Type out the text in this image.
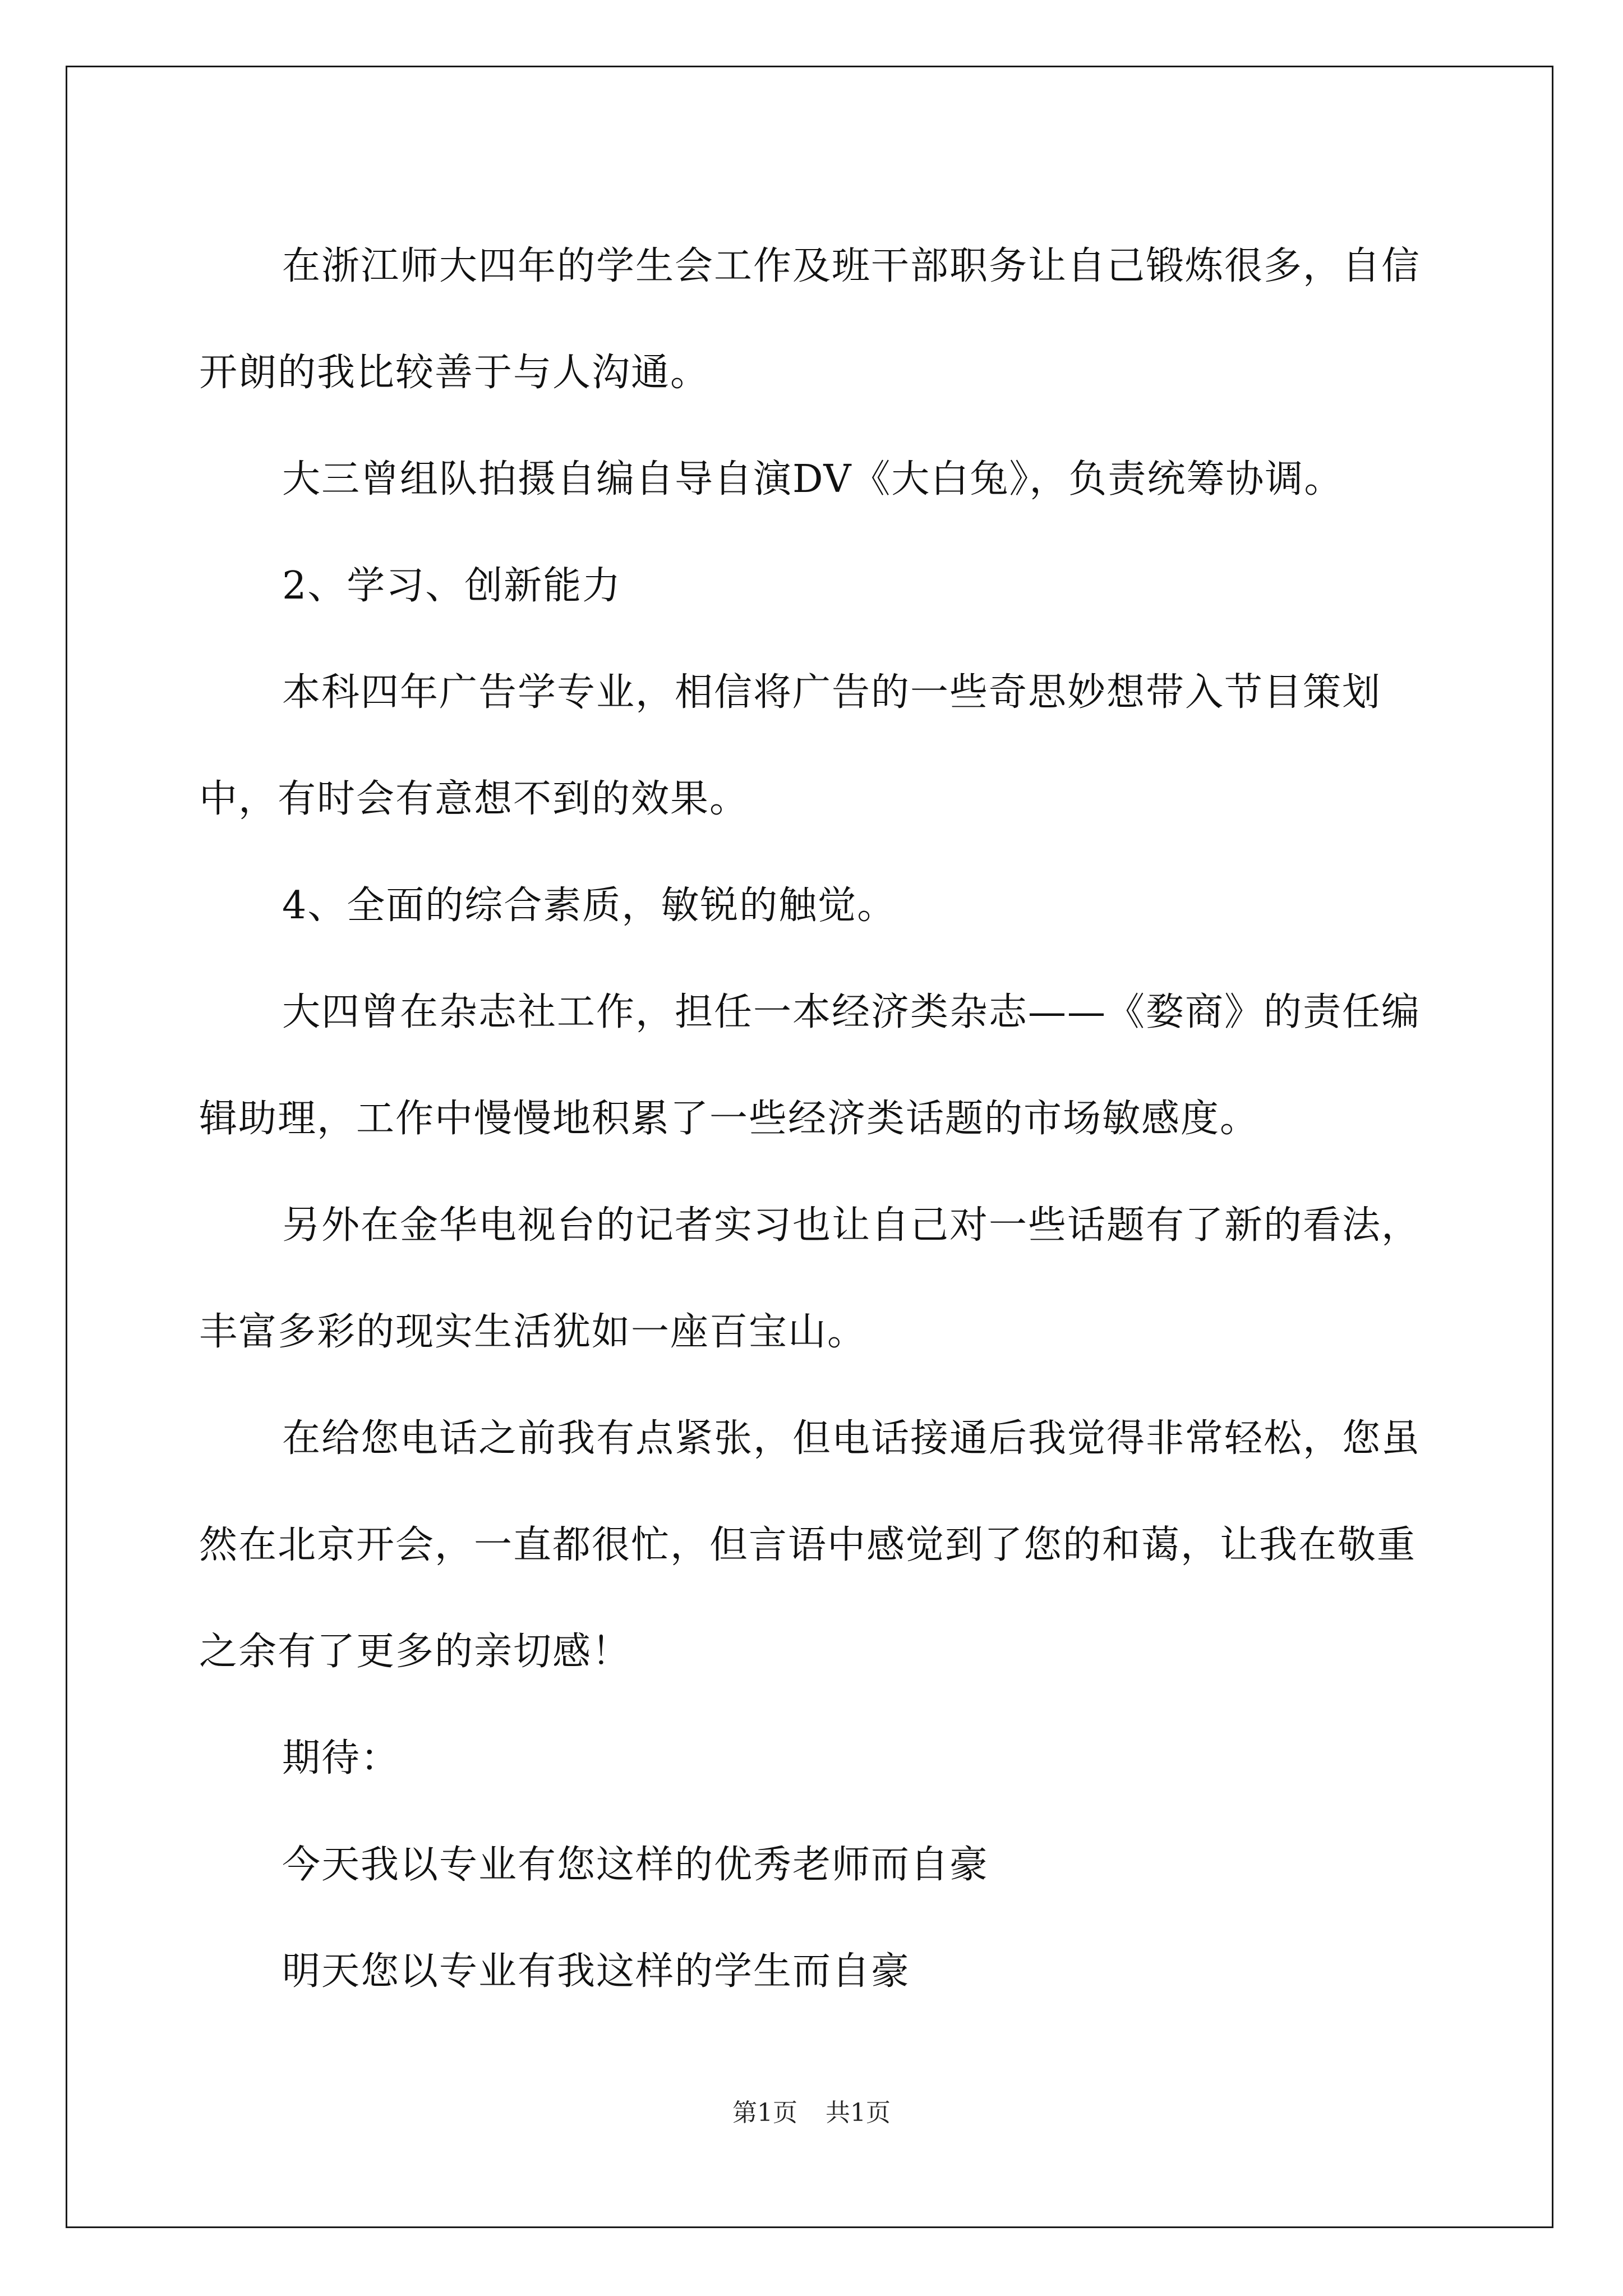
在浙江师大四年的学生会工作及班干部职务让自己锻炼很多，自信开朗的我比较善于与人沟通。

大三曾组队拍摄自编自导自演DV《大白兔》，负责统筹协调。

2、学习、创新能力

本科四年广告学专业，相信将广告的一些奇思妙想带入节目策划中，有时会有意想不到的效果。

4、全面的综合素质，敏锐的触觉。

大四曾在杂志社工作，担任一本经济类杂志——《婺商》的责任编辑助理，工作中慢慢地积累了一些经济类话题的市场敏感度。

另外在金华电视台的记者实习也让自己对一些话题有了新的看法，丰富多彩的现实生活犹如一座百宝山。

在给您电话之前我有点紧张，但电话接通后我觉得非常轻松，您虽然在北京开会，一直都很忙，但言语中感觉到了您的和蔼，让我在敬重之余有了更多的亲切感！

期待：

今天我以专业有您这样的优秀老师而自豪

明天您以专业有我这样的学生而自豪

第1页 共1页
